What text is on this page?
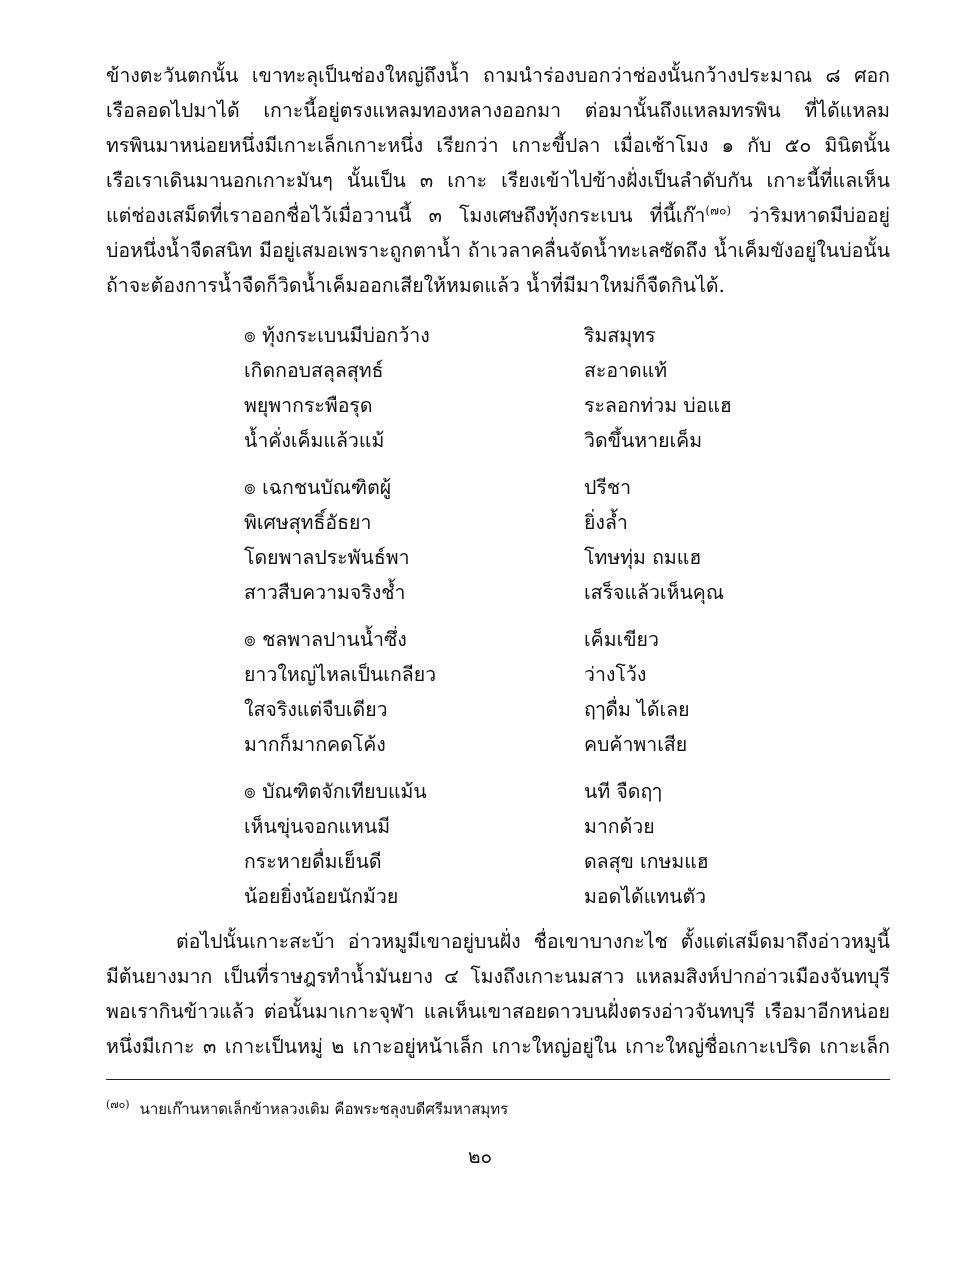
ข้างตะวันตกนั้น เขาทะลุเป็นช่องใหญ่ถึงน้ำ ถามนำร่องบอกว่าช่องนั้นกว้างประมาณ ๘ ศอก
เรือลอดไปมาได้ เกาะนี้อยู่ตรงแหลมทองหลางออกมา ต่อมานั้นถึงแหลมทรพิน ที่ได้แหลม
ทรพินมาหน่อยหนึ่งมีเกาะเล็กเกาะหนึ่ง เรียกว่า เกาะขี้ปลา เมื่อเช้าโมง ๑ กับ ๕๐ มินิตนั้น
เรือเราเดินมานอกเกาะมันๆ นั้นเป็น ๓ เกาะ เรียงเข้าไปข้างฝั่งเป็นลำดับกัน เกาะนี้ที่แลเห็น
แต่ช่องเสม็ดที่เราออกชื่อไว้เมื่อวานนี้ ๓ โมงเศษถึงทุ้งกระเบน ที่นี้เก๊า$^{(๗๐)}$ ว่าริมหาดมีบ่ออยู่
บ่อหนึ่งน้ำจืดสนิท มีอยู่เสมอเพราะถูกตาน้ำ ถ้าเวลาคลื่นจัดน้ำทะเลซัดถึง น้ำเค็มขังอยู่ในบ่อนั้น
ถ้าจะต้องการน้ำจืดก็วิดน้ำเค็มออกเสียให้หมดแล้ว น้ำที่มีมาใหม่ก็จืดกินได้.
๏ ทุ้งกระเบนมีบ่อกว้าง	ริมสมุทร
เกิดกอบสลุลสุทธ์	สะอาดแท้
พยุพากระพือรุด	ระลอกท่วม บ่อแฮ
น้ำคั่งเค็มแล้วแม้	วิดขึ้นหายเค็ม
๏ เฉกชนบัณฑิตผู้	ปรีชา
พิเศษสุทธิ์อัธยา	ยิ่งล้ำ
โดยพาลประพันธ์พา	โทษทุ่ม ถมแฮ
สาวสืบความจริงช้ำ	เสร็จแล้วเห็นคุณ
๏ ชลพาลปานน้ำซึ่ง	เค็มเขียว
ยาวใหญ่ไหลเป็นเกลียว	ว่างโว้ง
ใสจริงแต่จืบเดียว	ฤๅดื่ม ได้เลย
มากก็มากคดโค้ง	คบค้าพาเสีย
๏ บัณฑิตจักเทียบแม้น	นที จืดฤๅ
เห็นขุ่นจอกแหนมี	มากด้วย
กระหายดื่มเย็นดี	ดลสุข เกษมแฮ
น้อยยิ่งน้อยนักม้วย	มอดได้แทนตัว
ต่อไปนั้นเกาะสะบ้า อ่าวหมูมีเขาอยู่บนฝั่ง ชื่อเขาบางกะไช ตั้งแต่เสม็ดมาถึงอ่าวหมูนี้
มีต้นยางมาก เป็นที่ราษฎรทำน้ำมันยาง ๔ โมงถึงเกาะนมสาว แหลมสิงห์ปากอ่าวเมืองจันทบุรี
พอเรากินข้าวแล้ว ต่อนั้นมาเกาะจุฬา แลเห็นเขาสอยดาวบนฝั่งตรงอ่าวจันทบุรี เรือมาอีกหน่อย
หนึ่งมีเกาะ ๓ เกาะเป็นหมู่ ๒ เกาะอยู่หน้าเล็ก เกาะใหญ่อยู่ใน เกาะใหญ่ชื่อเกาะเปริด เกาะเล็ก
$^{(๗๐)}$ นายเก๊านหาดเล็กข้าหลวงเดิม คือพระชลุงบดีศรีมหาสมุทร
๒๐
